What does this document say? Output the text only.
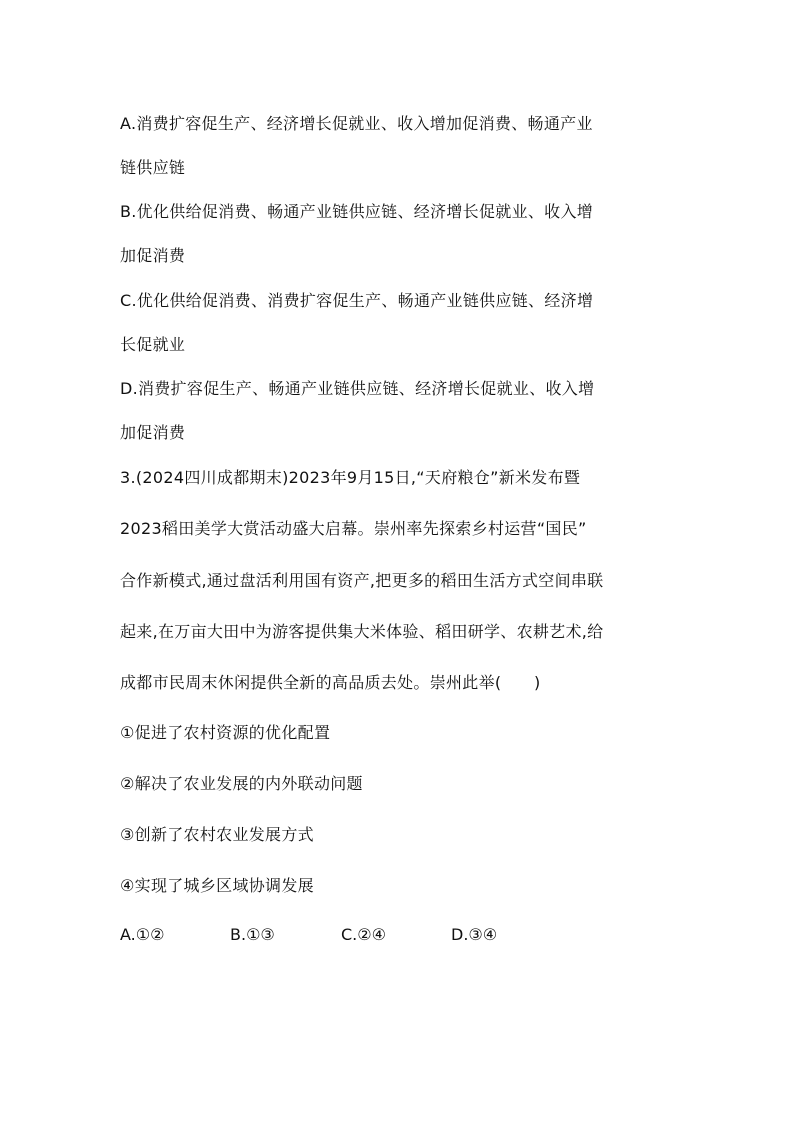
A.消费扩容促生产、经济增长促就业、收入增加促消费、畅通产业
链供应链
B.优化供给促消费、畅通产业链供应链、经济增长促就业、收入增
加促消费
C.优化供给促消费、消费扩容促生产、畅通产业链供应链、经济增
长促就业
D.消费扩容促生产、畅通产业链供应链、经济增长促就业、收入增
加促消费
3.(2024四川成都期末)2023年9月15日,“天府粮仓”新米发布暨
2023稻田美学大赏活动盛大启幕。崇州率先探索乡村运营“国民”
合作新模式,通过盘活利用国有资产,把更多的稻田生活方式空间串联
起来,在万亩大田中为游客提供集大米体验、稻田研学、农耕艺术,给
成都市民周末休闲提供全新的高品质去处。崇州此举(　　)
①促进了农村资源的优化配置
②解决了农业发展的内外联动问题
③创新了农村农业发展方式
④实现了城乡区域协调发展
A.①②	B.①③	C.②④	D.③④
